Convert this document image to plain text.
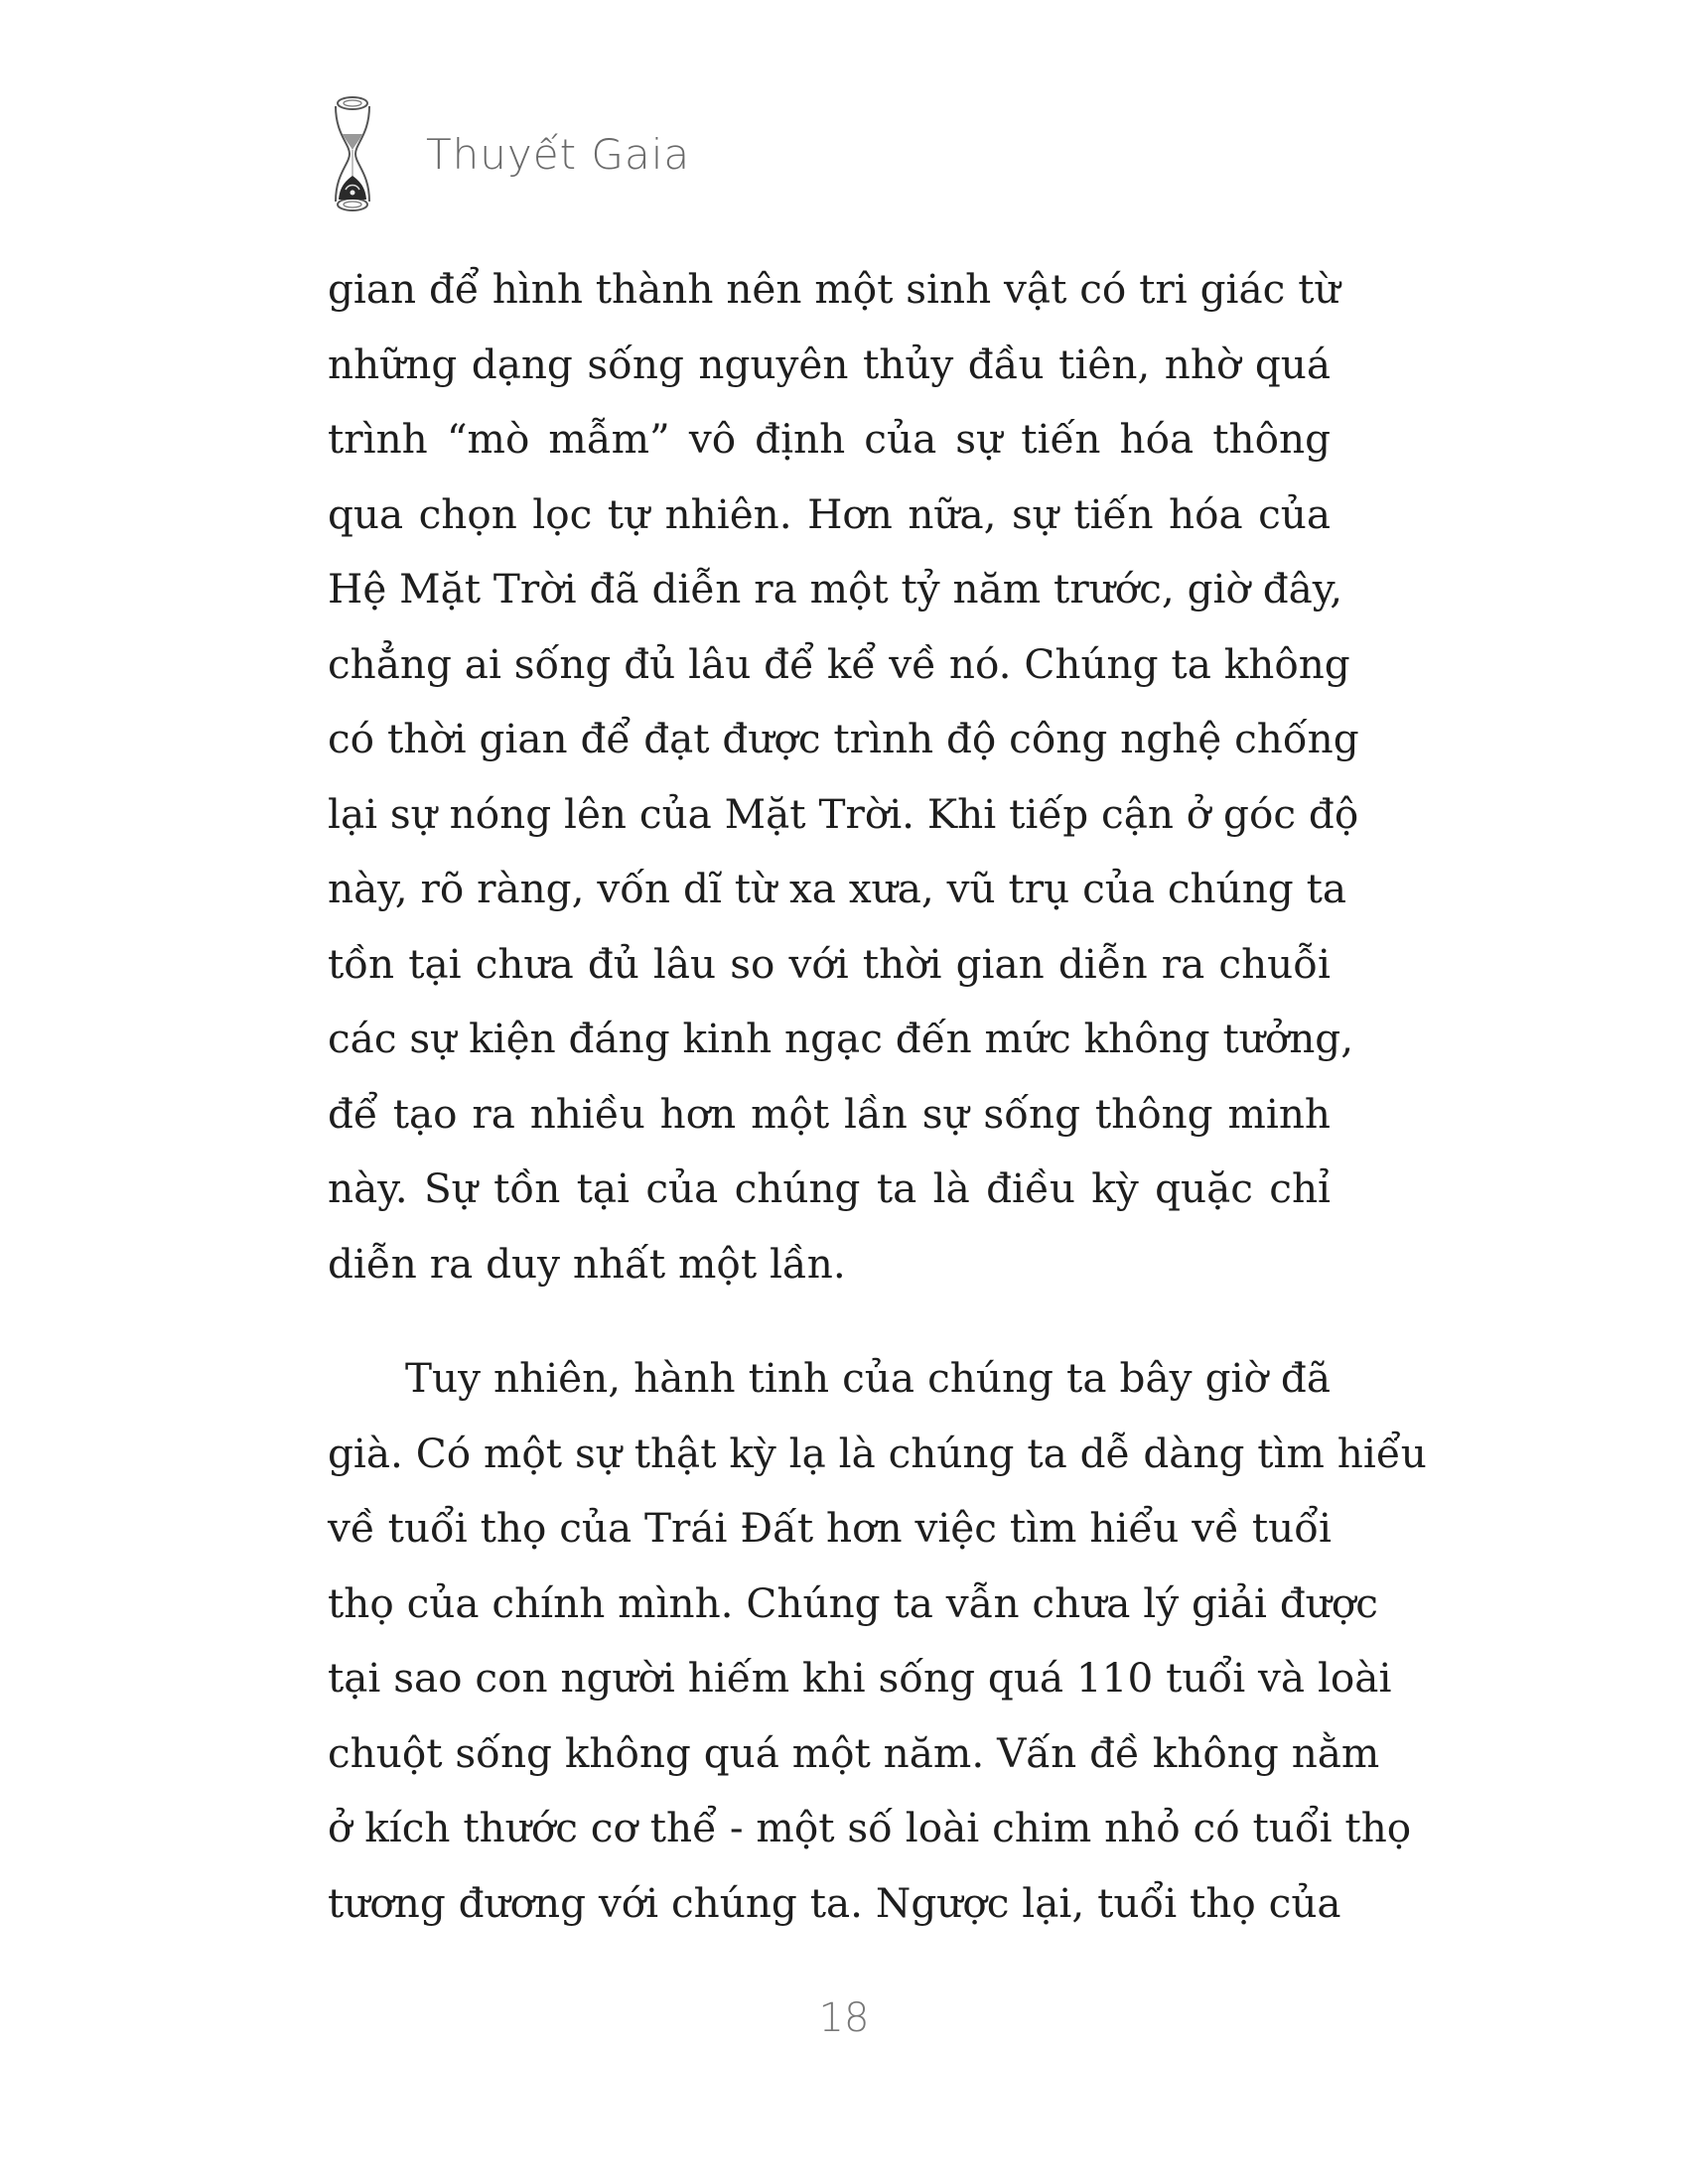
Thuyết Gaia
gian để hình thành nên một sinh vật có tri giác từ
những dạng sống nguyên thủy đầu tiên, nhờ quá
trình “mò mẫm” vô định của sự tiến hóa thông
qua chọn lọc tự nhiên. Hơn nữa, sự tiến hóa của
Hệ Mặt Trời đã diễn ra một tỷ năm trước, giờ đây,
chẳng ai sống đủ lâu để kể về nó. Chúng ta không
có thời gian để đạt được trình độ công nghệ chống
lại sự nóng lên của Mặt Trời. Khi tiếp cận ở góc độ
này, rõ ràng, vốn dĩ từ xa xưa, vũ trụ của chúng ta
tồn tại chưa đủ lâu so với thời gian diễn ra chuỗi
các sự kiện đáng kinh ngạc đến mức không tưởng,
để tạo ra nhiều hơn một lần sự sống thông minh
này. Sự tồn tại của chúng ta là điều kỳ quặc chỉ
diễn ra duy nhất một lần.
Tuy nhiên, hành tinh của chúng ta bây giờ đã
già. Có một sự thật kỳ lạ là chúng ta dễ dàng tìm hiểu
về tuổi thọ của Trái Đất hơn việc tìm hiểu về tuổi
thọ của chính mình. Chúng ta vẫn chưa lý giải được
tại sao con người hiếm khi sống quá 110 tuổi và loài
chuột sống không quá một năm. Vấn đề không nằm
ở kích thước cơ thể - một số loài chim nhỏ có tuổi thọ
tương đương với chúng ta. Ngược lại, tuổi thọ của
18
